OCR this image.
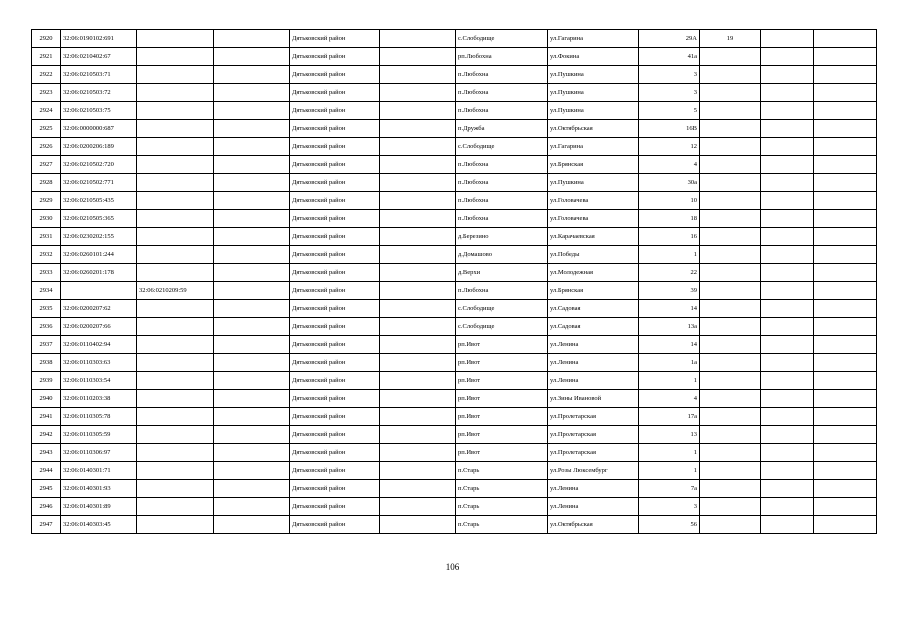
2920	32:06:0190102:691			Дятьковский район		с.Слободище	ул.Гагарина	29А	19		
2921	32:06:0210402:67			Дятьковский район		рп.Любохна	ул.Фокина	41а			
2922	32:06:0210503:71			Дятьковский район		п.Любохна	ул.Пушкина	3			
2923	32:06:0210503:72			Дятьковский район		п.Любохна	ул.Пушкина	3			
2924	32:06:0210503:75			Дятьковский район		п.Любохна	ул.Пушкина	5			
2925	32:06:0000000:687			Дятьковский район		п.Дружба	ул.Октябрьская	16В			
2926	32:06:0200206:189			Дятьковский район		с.Слободище	ул.Гагарина	12			
2927	32:06:0210502:720			Дятьковский район		п.Любохна	ул.Брянская	4			
2928	32:06:0210502:771			Дятьковский район		п.Любохна	ул.Пушкина	30а			
2929	32:06:0210505:435			Дятьковский район		п.Любохна	ул.Головачева	10			
2930	32:06:0210505:365			Дятьковский район		п.Любохна	ул.Головачева	18			
2931	32:06:0230202:155			Дятьковский район		д.Березино	ул.Карачаевская	16			
2932	32:06:0260101:244			Дятьковский район		д.Домашово	ул.Победы	1			
2933	32:06:0260201:178			Дятьковский район		д.Верхи	ул.Молодежная	22			
2934		32:06:0210209:59		Дятьковский район		п.Любохна	ул.Брянская	39			
2935	32:06:0200207:62			Дятьковский район		с.Слободище	ул.Садовая	14			
2936	32:06:0200207:66			Дятьковский район		с.Слободище	ул.Садовая	13а			
2937	32:06:0110402:94			Дятьковский район		рп.Ивот	ул.Ленина	14			
2938	32:06:0110303:63			Дятьковский район		рп.Ивот	ул.Ленина	1а			
2939	32:06:0110303:54			Дятьковский район		рп.Ивот	ул.Ленина	1			
2940	32:06:0110203:38			Дятьковский район		рп.Ивот	ул.Зины Ивановой	4			
2941	32:06:0110305:78			Дятьковский район		рп.Ивот	ул.Пролетарская	17а			
2942	32:06:0110305:59			Дятьковский район		рп.Ивот	ул.Пролетарская	13			
2943	32:06:0110306:97			Дятьковский район		рп.Ивот	ул.Пролетарская	1			
2944	32:06:0140301:71			Дятьковский район		п.Старь	ул.Розы Люксембург	1			
2945	32:06:0140301:93			Дятьковский район		п.Старь	ул.Ленина	7а			
2946	32:06:0140301:89			Дятьковский район		п.Старь	ул.Ленина	3			
2947	32:06:0140303:45			Дятьковский район		п.Старь	ул.Октябрьская	56			
106
